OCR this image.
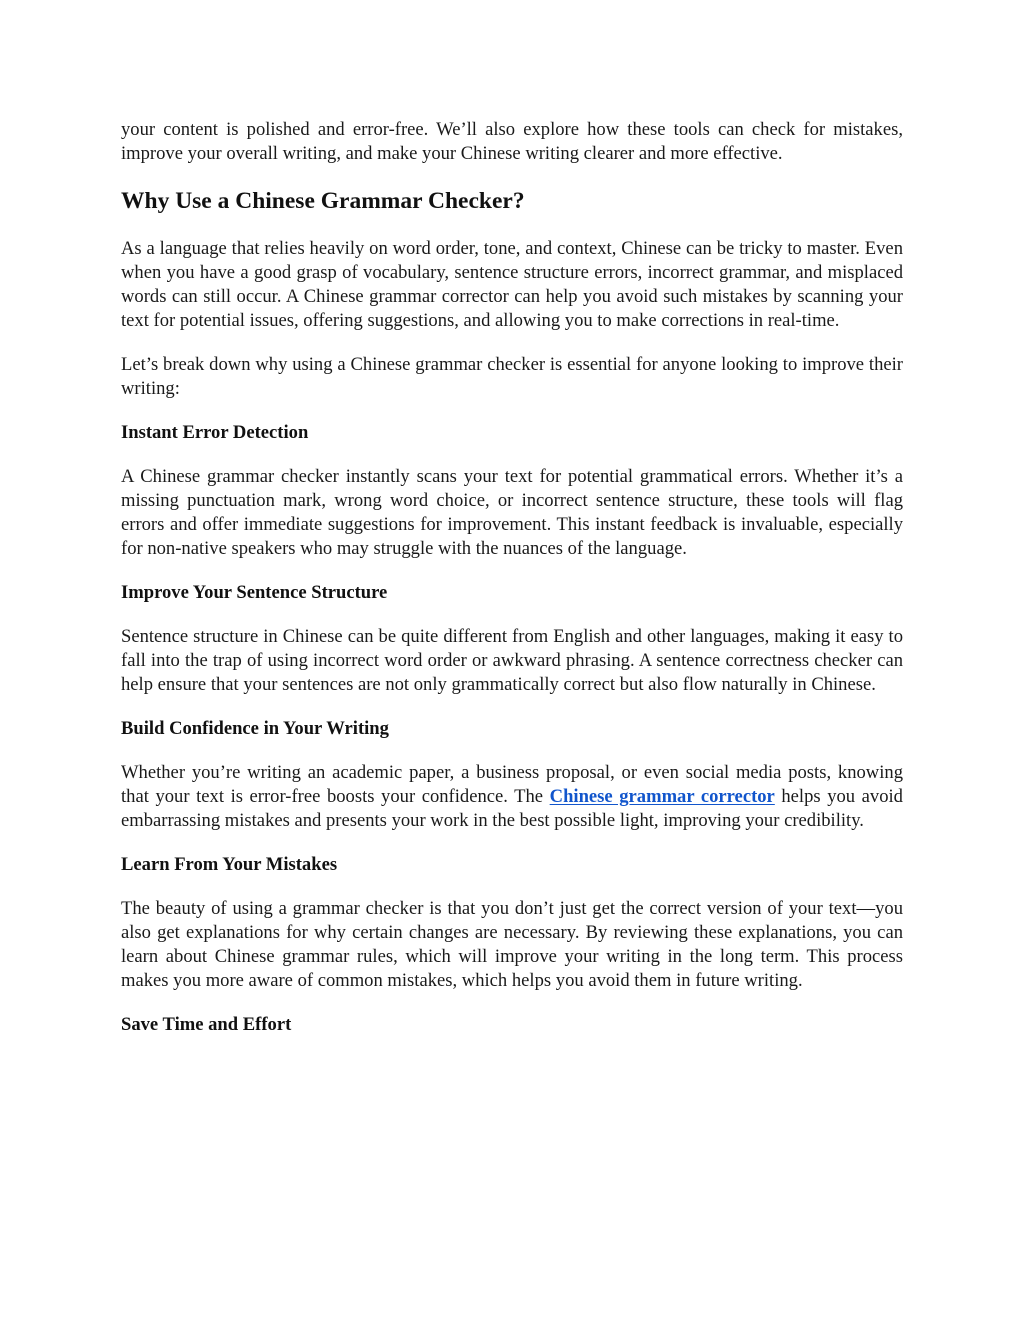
your content is polished and error-free. We’ll also explore how these tools can check for mistakes, improve your overall writing, and make your Chinese writing clearer and more effective.

Why Use a Chinese Grammar Checker?

As a language that relies heavily on word order, tone, and context, Chinese can be tricky to master. Even when you have a good grasp of vocabulary, sentence structure errors, incorrect grammar, and misplaced words can still occur. A Chinese grammar corrector can help you avoid such mistakes by scanning your text for potential issues, offering suggestions, and allowing you to make corrections in real-time.

Let’s break down why using a Chinese grammar checker is essential for anyone looking to improve their writing:

Instant Error Detection

A Chinese grammar checker instantly scans your text for potential grammatical errors. Whether it’s a missing punctuation mark, wrong word choice, or incorrect sentence structure, these tools will flag errors and offer immediate suggestions for improvement. This instant feedback is invaluable, especially for non-native speakers who may struggle with the nuances of the language.

Improve Your Sentence Structure

Sentence structure in Chinese can be quite different from English and other languages, making it easy to fall into the trap of using incorrect word order or awkward phrasing. A sentence correctness checker can help ensure that your sentences are not only grammatically correct but also flow naturally in Chinese.

Build Confidence in Your Writing

Whether you’re writing an academic paper, a business proposal, or even social media posts, knowing that your text is error-free boosts your confidence. The Chinese grammar corrector helps you avoid embarrassing mistakes and presents your work in the best possible light, improving your credibility.

Learn From Your Mistakes

The beauty of using a grammar checker is that you don’t just get the correct version of your text—you also get explanations for why certain changes are necessary. By reviewing these explanations, you can learn about Chinese grammar rules, which will improve your writing in the long term. This process makes you more aware of common mistakes, which helps you avoid them in future writing.

Save Time and Effort
